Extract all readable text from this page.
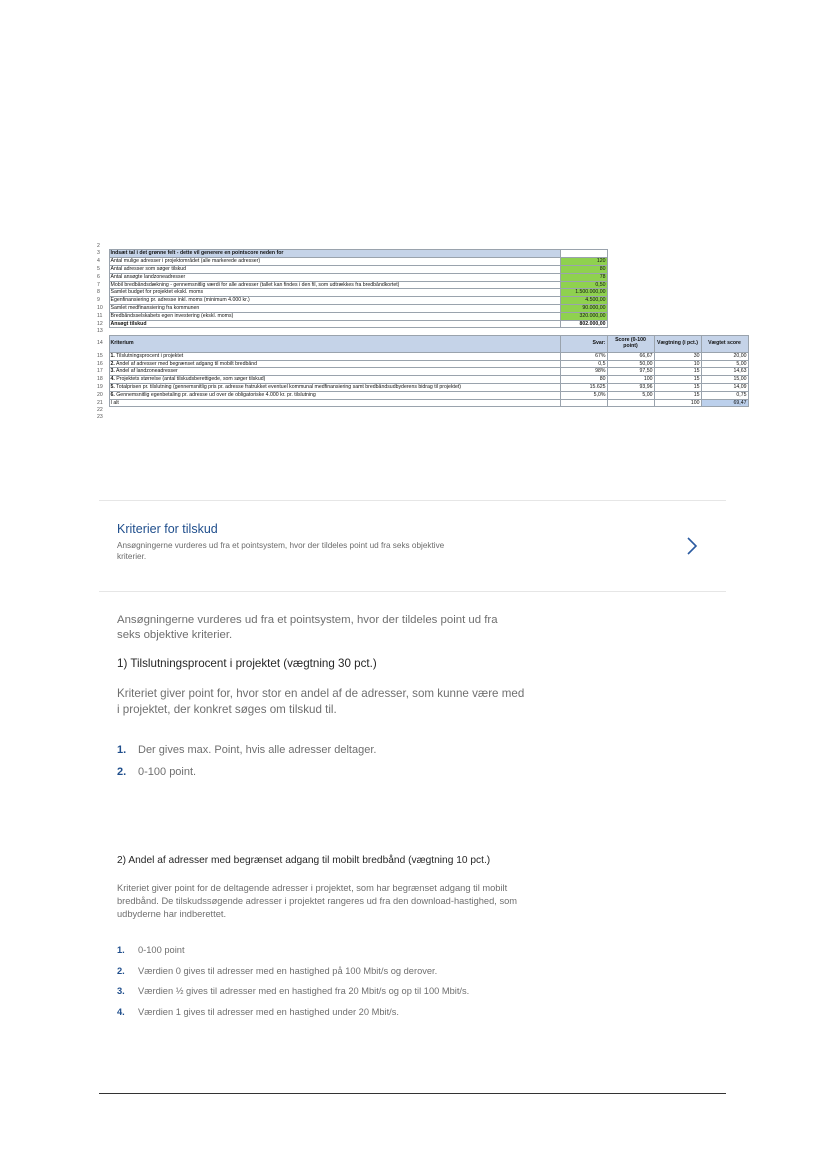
2		
3	Indsæt tal i det grønne felt - dette vil generere en pointscore neden for	
4	Antal mulige adresser i projektområdet (alle markerede adresser)	120
5	Antal adresser som søger tilskud	80
6	Antal ansøgte landzoneadresser	78
7	Mobil bredbåndsdækning - gennemsnitlig værdi for alle adresser (tallet kan findes i den fil, som udtrækkes fra bredbåndkortet)	0,50
8	Samlet budget for projektet ekskl. moms	1.500.000,00
9	Egenfinansiering pr. adresse inkl. moms (minimum 4.000 kr.)	4.500,00
10	Samlet medfinansiering fra kommunen	90.000,00
11	Bredbåndsselskabets egen investering (ekskl. moms)	320.000,00
12	Ansøgt tilskud	802.000,00
13		
14	Kriterium	Svar:	Score (0-100 point)	Vægtning (i pct.)	Vægtet score
15	1. Tilslutningsprocent i projektet	67%	66,67	30	20,00
16	2. Andel af adresser med begrænset adgang til mobilt bredbånd	0,5	50,00	10	5,00
17	3. Andel af landzoneadresser	98%	97,50	15	14,63
18	4. Projektets størrelse (antal tilskudsberettigede, som søger tilskud)	80	100	15	15,00
19	5. Totalprisen pr. tilslutning (gennemsnitlig pris pr. adresse fratrukket eventuel kommunal medfinansiering samt bredbåndsudbyderens bidrag til projektet)	15.625	93,96	15	14,09
20	6. Gennemsnitlig egenbetaling pr. adresse ud over de obligatoriske 4.000 kr. pr. tilslutning	5,0%	5,00	15	0,75
21	I alt			100	69,47
22					
23					
Kriterier for tilskud
Ansøgningerne vurderes ud fra et pointsystem, hvor der tildeles point ud fra seks objektive kriterier.
Ansøgningerne vurderes ud fra et pointsystem, hvor der tildeles point ud fra seks objektive kriterier.
1) Tilslutningsprocent i projektet (vægtning 30 pct.)
Kriteriet giver point for, hvor stor en andel af de adresser, som kunne være med i projektet, der konkret søges om tilskud til.
1. Der gives max. Point, hvis alle adresser deltager.
2. 0-100 point.
2) Andel af adresser med begrænset adgang til mobilt bredbånd (vægtning 10 pct.)
Kriteriet giver point for de deltagende adresser i projektet, som har begrænset adgang til mobilt bredbånd. De tilskudssøgende adresser i projektet rangeres ud fra den download-hastighed, som udbyderne har indberettet.
1. 0-100 point
2. Værdien 0 gives til adresser med en hastighed på 100 Mbit/s og derover.
3. Værdien ½ gives til adresser med en hastighed fra 20 Mbit/s og op til 100 Mbit/s.
4. Værdien 1 gives til adresser med en hastighed under 20 Mbit/s.
